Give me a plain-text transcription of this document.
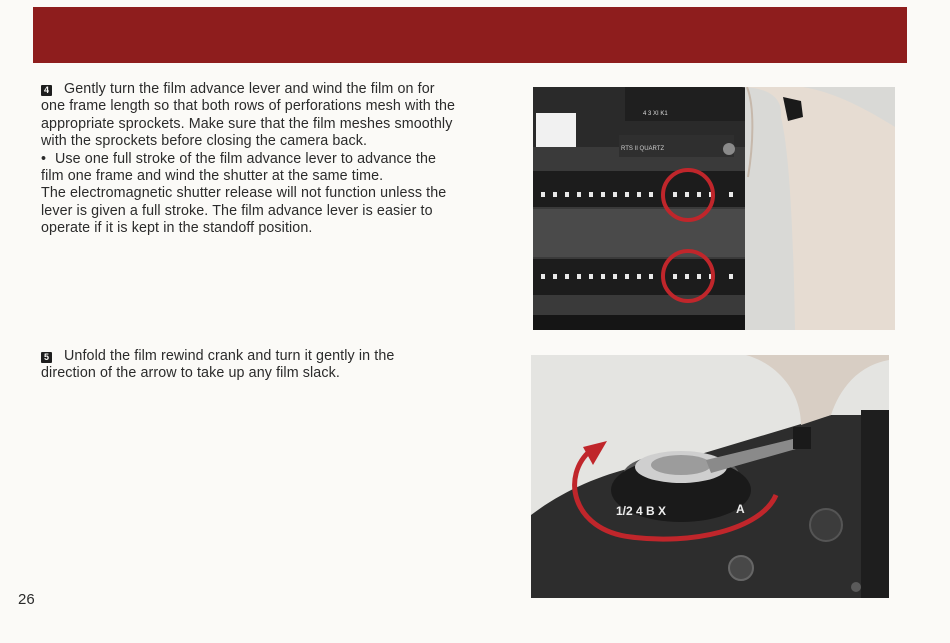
4 Gently turn the film advance lever and wind the film on for
one frame length so that both rows of perforations mesh with the
appropriate sprockets. Make sure that the film meshes smoothly
with the sprockets before closing the camera back.
• Use one full stroke of the film advance lever to advance the
film one frame and wind the shutter at the same time.
The electromagnetic shutter release will not function unless the
lever is given a full stroke. The film advance lever is easier to
operate if it is kept in the standoff position.
5 Unfold the film rewind crank and turn it gently in the
direction of the arrow to take up any film slack.
RTS II QUARTZ
4 3 XI K1
1/2 4 B X	A
26
